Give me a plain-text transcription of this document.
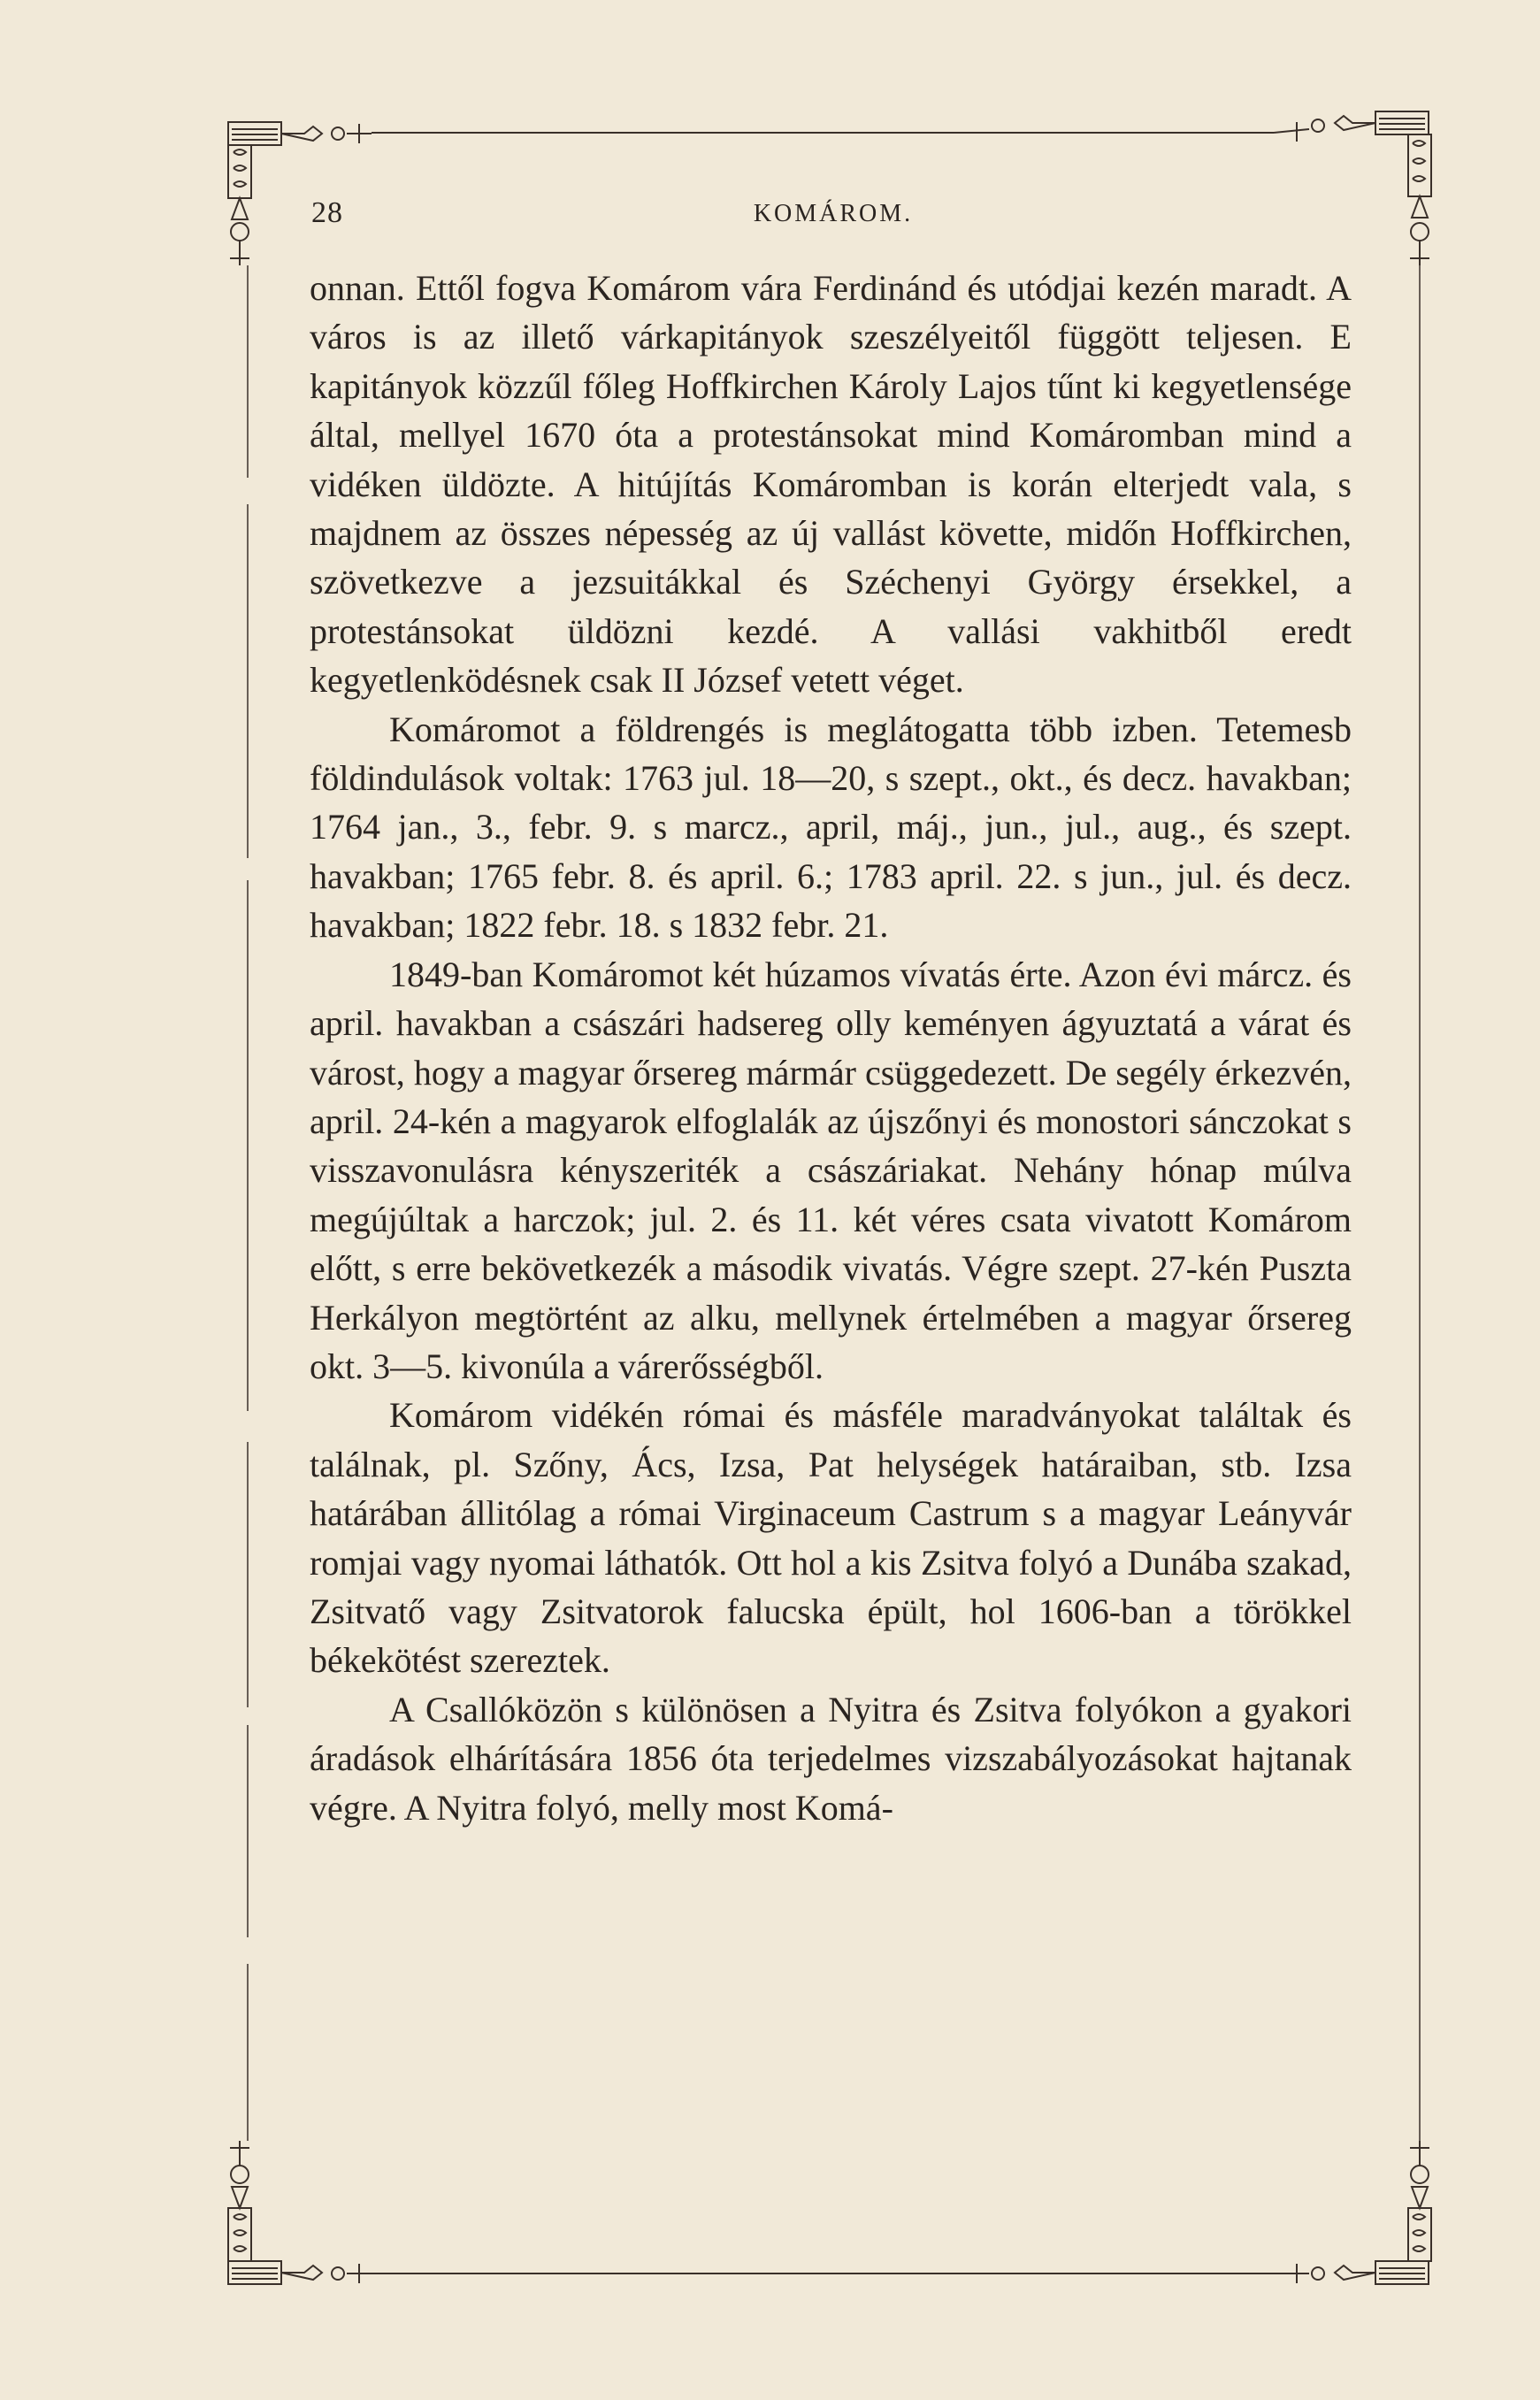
28	KOMÁROM.

onnan. Ettől fogva Komárom vára Ferdinánd és utódjai kezén maradt. A város is az illető várkapitányok szeszélyeitől függött teljesen. E kapitányok közzűl főleg Hoffkirchen Károly Lajos tűnt ki kegyetlensége által, mellyel 1670 óta a protestánsokat mind Komáromban mind a vidéken üldözte. A hitújítás Komáromban is korán elterjedt vala, s majdnem az összes népesség az új vallást követte, midőn Hoffkirchen, szövetkezve a jezsuitákkal és Széchenyi György érsekkel, a protestánsokat üldözni kezdé. A vallási vakhitből eredt kegyetlenködésnek csak II József vetett véget.

Komáromot a földrengés is meglátogatta több izben. Tetemesb földindulások voltak: 1763 jul. 18—20, s szept., okt., és decz. havakban; 1764 jan., 3., febr. 9. s marcz., april, máj., jun., jul., aug., és szept. havakban; 1765 febr. 8. és april. 6.; 1783 april. 22. s jun., jul. és decz. havakban; 1822 febr. 18. s 1832 febr. 21.

1849-ban Komáromot két húzamos vívatás érte. Azon évi márcz. és april. havakban a császári hadsereg olly keményen ágyuztatá a várat és várost, hogy a magyar őrsereg mármár csüggedezett. De segély érkezvén, april. 24-kén a magyarok elfoglalák az újszőnyi és monostori sánczokat s visszavonulásra kényszeriték a császáriakat. Nehány hónap múlva megújúltak a harczok; jul. 2. és 11. két véres csata vivatott Komárom előtt, s erre bekövetkezék a második vivatás. Végre szept. 27-kén Puszta Herkályon megtörtént az alku, mellynek értelmében a magyar őrsereg okt. 3—5. kivonúla a várerősségből.

Komárom vidékén római és másféle maradványokat találtak és találnak, pl. Szőny, Ács, Izsa, Pat helységek határaiban, stb. Izsa határában állitólag a római Virginaceum Castrum s a magyar Leányvár romjai vagy nyomai láthatók. Ott hol a kis Zsitva folyó a Dunába szakad, Zsitvatő vagy Zsitvatorok falucska épült, hol 1606-ban a törökkel békekötést szereztek.

A Csallóközön s különösen a Nyitra és Zsitva folyókon a gyakori áradások elhárítására 1856 óta terjedelmes vizszabályozásokat hajtanak végre. A Nyitra folyó, melly most Komá-
